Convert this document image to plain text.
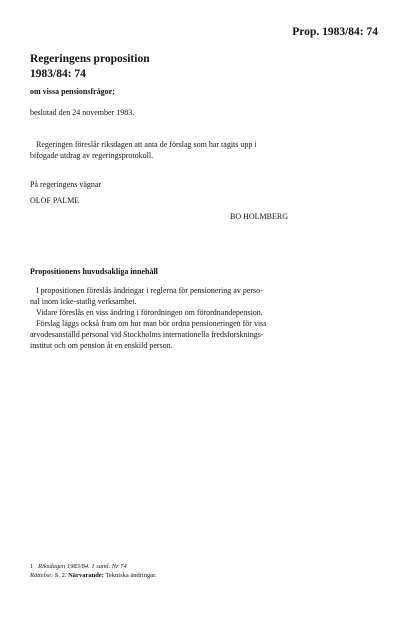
Prop. 1983/84: 74
Regeringens proposition
1983/84: 74
om vissa pensionsfrågor;
beslutad den 24 november 1983.
Regeringen föreslår riksdagen att anta de förslag som har tagits upp i
bifogade utdrag av regeringsprotokoll.
På regeringens vägnar
OLOF PALME
BO HOLMBERG
Propositionens huvudsakliga innehåll
I propositionen föreslås ändringar i reglerna för pensionering av perso-
nal inom icke-statlig verksamhet.
Vidare föreslås en viss ändring i förordningen om förordnandepension.
Förslag läggs också fram om hur man bör ordna pensioneringen för viss
arvodesanställd personal vid Stockholms internationella fredsforsknings-
institut och om pension åt en enskild person.
1 Riksdagen 1983/84. 1 saml. Nr 74
Rättelse: S. 2. Närvarande: Tekniska ändringar.
